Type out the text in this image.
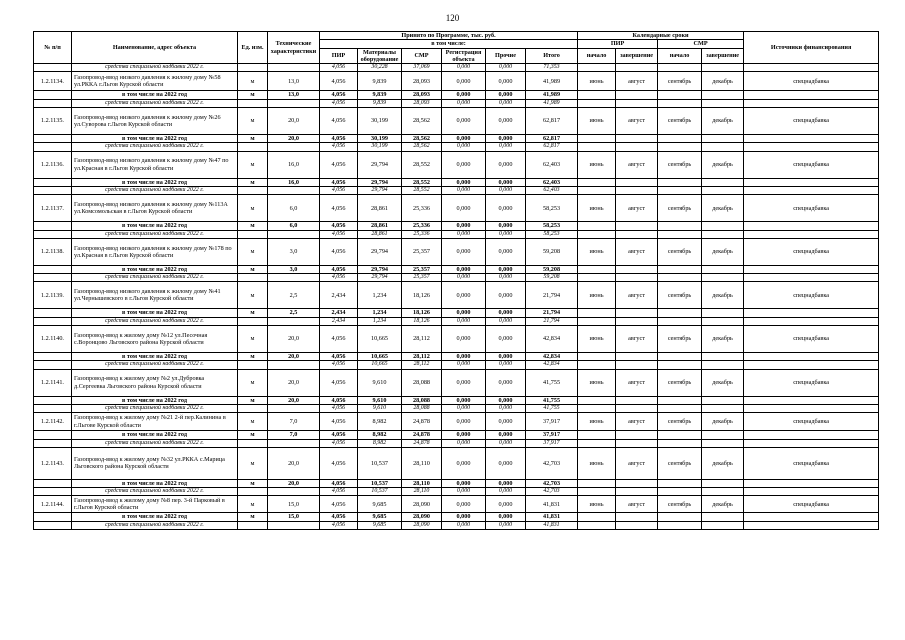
120
№ п/п	Наименование, адрес объекта	Ед. изм.	Технические характеристики	Принято по Программе, тыс. руб.						Календарные сроки				Источники финансирования
				в том числе:						ПИР		СМР		
				ПИР	Материалы оборудование	СМР	Регистрация объекта	Прочие	Итого	начало	завершение	начало	завершение	
	средства специальной надбавки 2022 г.			4,056	30,228	37,069	0,000	0,000	71,353					
1.2.1134.	Газопровод-ввод низкого давления к жилому дому №58 ул.РККА г.Льгов Курской области	м	13,0	4,056	9,839	28,093	0,000	0,000	41,989	июнь	август	сентябрь	декабрь	спецнадбавка
	в том числе на 2022 год	м	13,0	4,056	9,839	28,093	0,000	0,000	41,989					
	средства специальной надбавки 2022 г.			4,056	9,839	28,093	0,000	0,000	41,989					
1.2.1135.	Газопровод-ввод низкого давления к жилому дому №26 ул.Суворова г.Льгов Курской области	м	20,0	4,056	30,199	28,562	0,000	0,000	62,817	июнь	август	сентябрь	декабрь	спецнадбавка
	в том числе на 2022 год	м	20,0	4,056	30,199	28,562	0,000	0,000	62,817					
	средства специальной надбавки 2022 г.			4,056	30,199	28,562	0,000	0,000	62,817					
1.2.1136.	Газопровод-ввод низкого давления к жилому дому №47 по ул.Красная в г.Льгов Курской области	м	16,0	4,056	29,794	28,552	0,000	0,000	62,403	июнь	август	сентябрь	декабрь	спецнадбавка
	в том числе на 2022 год	м	16,0	4,056	29,794	28,552	0,000	0,000	62,403					
	средства специальной надбавки 2022 г.			4,056	29,794	28,552	0,000	0,000	62,403					
1.2.1137.	Газопровод-ввод низкого давления к жилому дому №113А ул.Комсомольская в г.Льгов Курской области	м	6,0	4,056	28,861	25,336	0,000	0,000	58,253	июнь	август	сентябрь	декабрь	спецнадбавка
	в том числе на 2022 год	м	6,0	4,056	28,861	25,336	0,000	0,000	58,253					
	средства специальной надбавки 2022 г.			4,056	28,861	25,336	0,000	0,000	58,253					
1.2.1138.	Газопровод-ввод низкого давления к жилому дому №178 по ул.Красная в г.Льгов Курской области	м	3,0	4,056	29,794	25,357	0,000	0,000	59,208	июнь	август	сентябрь	декабрь	спецнадбавка
	в том числе на 2022 год	м	3,0	4,056	29,794	25,357	0,000	0,000	59,208					
	средства специальной надбавки 2022 г.			4,056	29,794	25,357	0,000	0,000	59,208					
1.2.1139.	Газопровод-ввод низкого давления к жилому дому №41 ул.Чернышевского в г.Льгов Курской области	м	2,5	2,434	1,234	18,126	0,000	0,000	21,794	июнь	август	сентябрь	декабрь	спецнадбавка
	в том числе на 2022 год	м	2,5	2,434	1,234	18,126	0,000	0,000	21,794					
	средства специальной надбавки 2022 г.			2,434	1,234	18,126	0,000	0,000	21,794					
1.2.1140.	Газопровод-ввод к жилому дому №12 ул.Песочная с.Воронцово Льговского района Курской области	м	20,0	4,056	10,665	28,112	0,000	0,000	42,834	июнь	август	сентябрь	декабрь	спецнадбавка
	в том числе на 2022 год	м	20,0	4,056	10,665	28,112	0,000	0,000	42,834					
	средства специальной надбавки 2022 г.			4,056	10,665	28,112	0,000	0,000	42,834					
1.2.1141.	Газопровод-ввод к жилому дому №2 ул.Дубровка д.Сергеевка Льговского района Курской области	м	20,0	4,056	9,610	28,088	0,000	0,000	41,755	июнь	август	сентябрь	декабрь	спецнадбавка
	в том числе на 2022 год	м	20,0	4,056	9,610	28,088	0,000	0,000	41,755					
	средства специальной надбавки 2022 г.			4,056	9,610	28,088	0,000	0,000	41,755					
1.2.1142.	Газопровод-ввод к жилому дому №21 2-й пер.Калинина в г.Льгове Курской области	м	7,0	4,056	8,982	24,878	0,000	0,000	37,917	июнь	август	сентябрь	декабрь	спецнадбавка
	в том числе на 2022 год	м	7,0	4,056	8,982	24,878	0,000	0,000	37,917					
	средства специальной надбавки 2022 г.			4,056	8,982	24,878	0,000	0,000	37,917					
1.2.1143.	Газопровод-ввод к жилому дому №32 ул.РККА с.Марица Льговского района Курской области	м	20,0	4,056	10,537	28,110	0,000	0,000	42,703	июнь	август	сентябрь	декабрь	спецнадбавка
	в том числе на 2022 год	м	20,0	4,056	10,537	28,110	0,000	0,000	42,703					
	средства специальной надбавки 2022 г.			4,056	10,537	28,110	0,000	0,000	42,703					
1.2.1144.	Газопровод-ввод к жилому дому №8 пер. 3-й Парковый в г.Льгов Курской области	м	15,0	4,056	9,685	28,090	0,000	0,000	41,831	июнь	август	сентябрь	декабрь	спецнадбавка
	в том числе на 2022 год	м	15,0	4,056	9,685	28,090	0,000	0,000	41,831					
	средства специальной надбавки 2022 г.			4,056	9,685	28,090	0,000	0,000	41,831					
